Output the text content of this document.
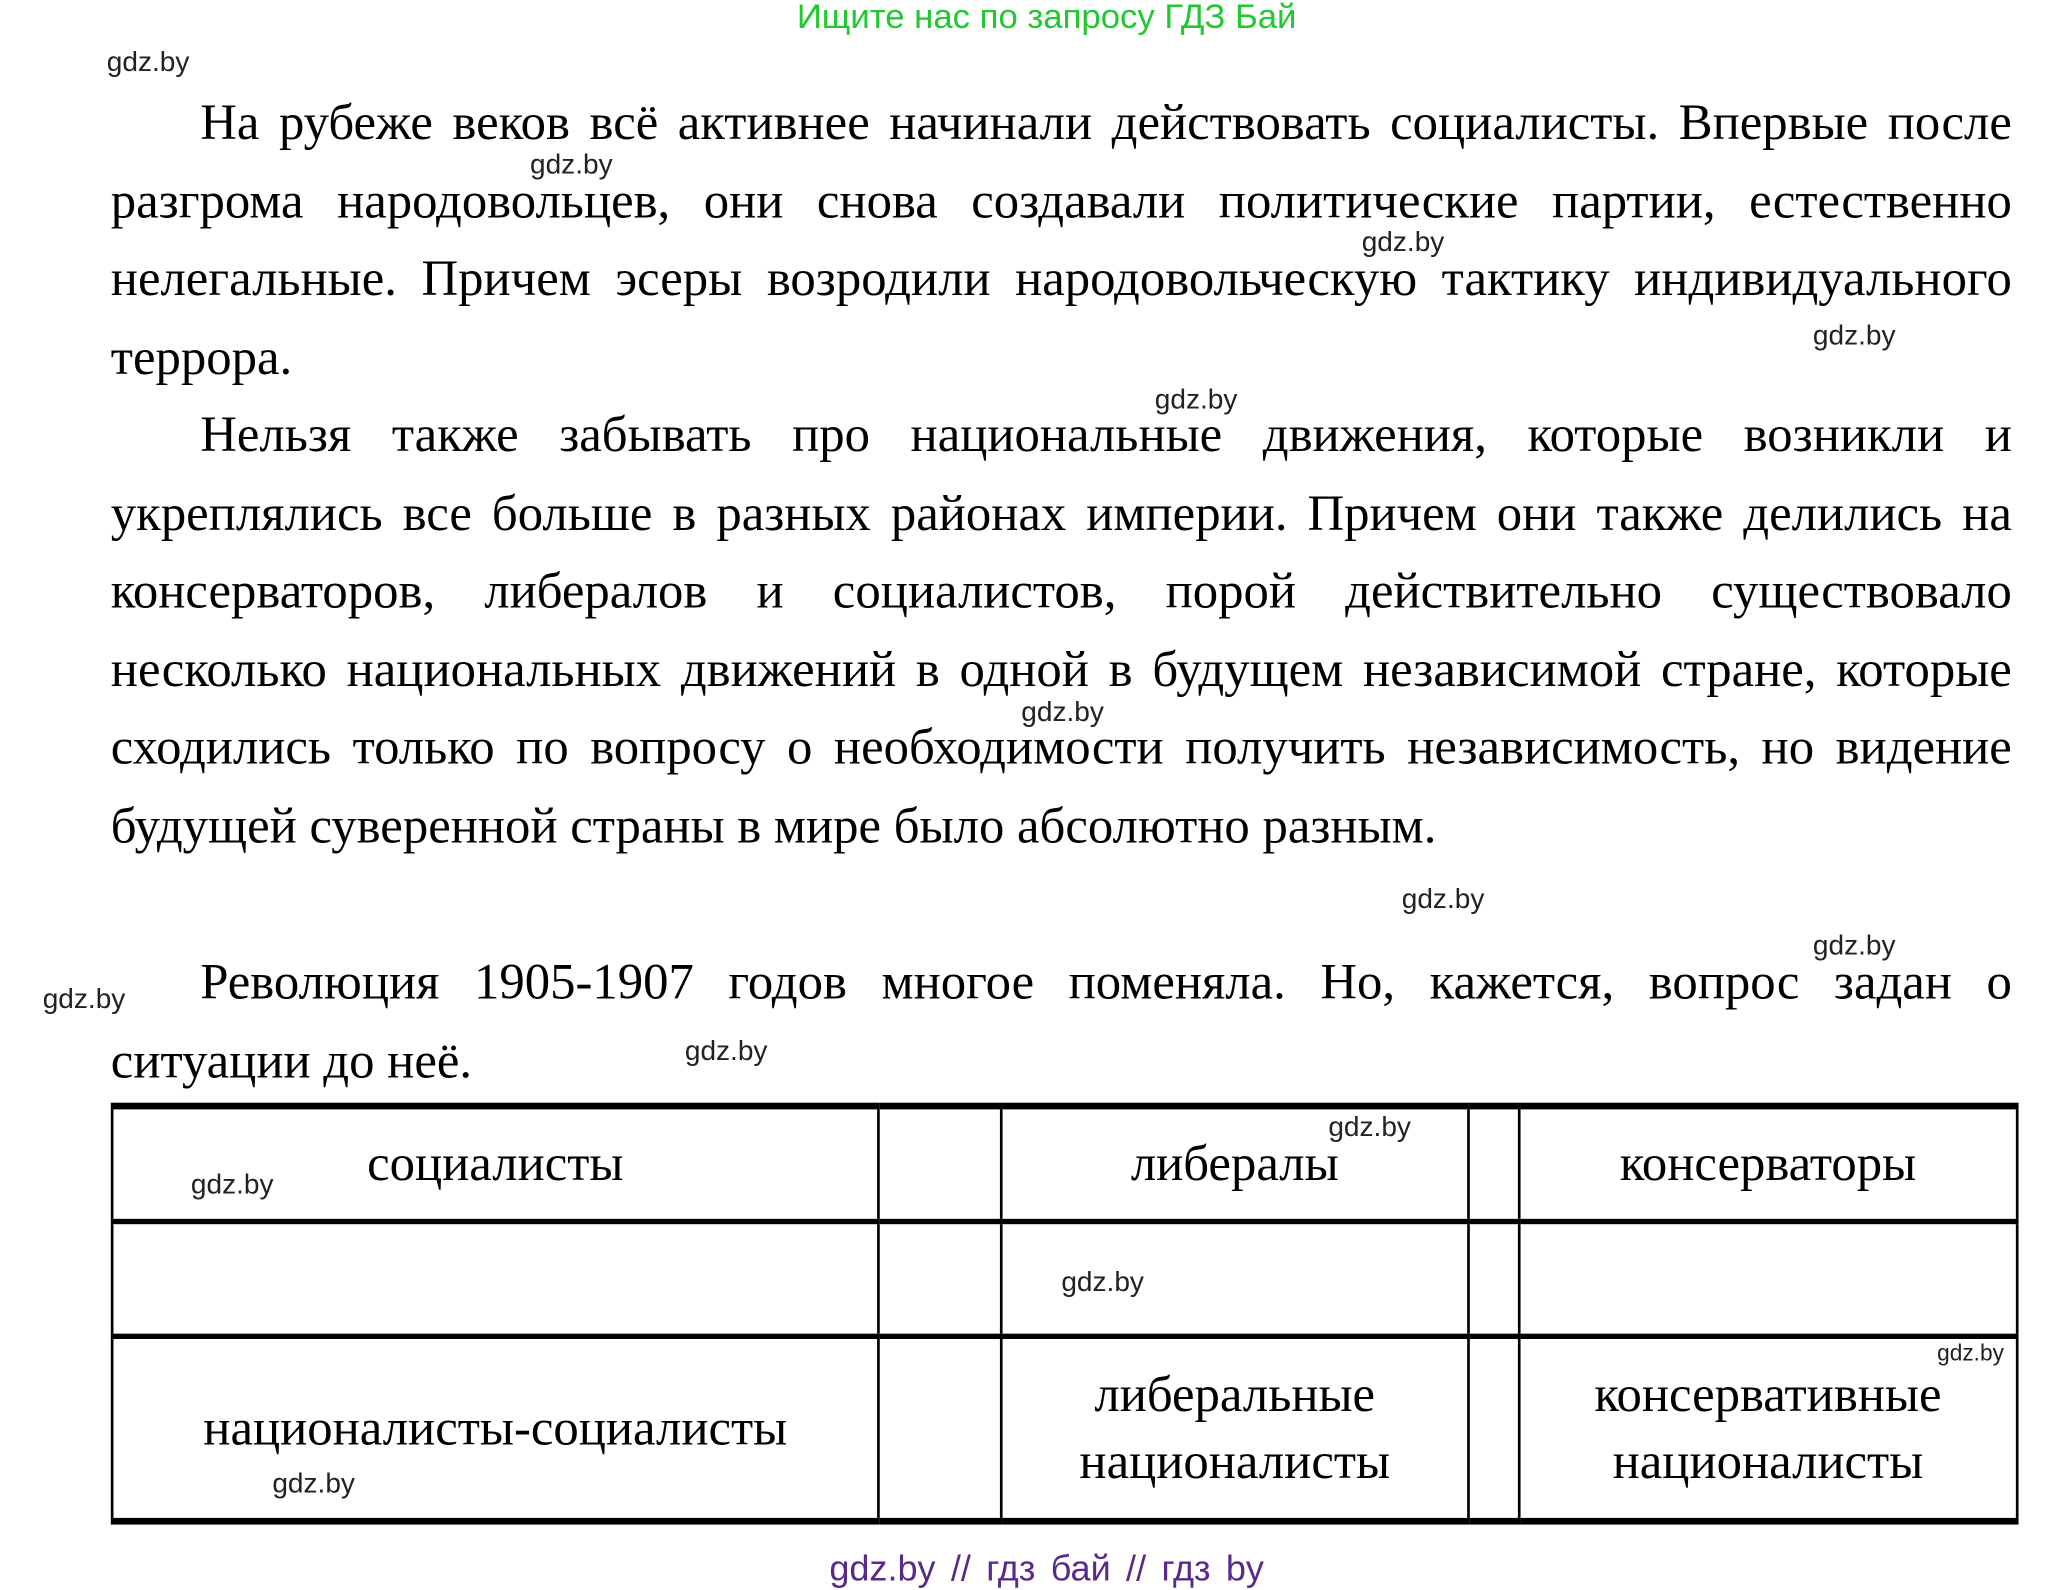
Ищите нас по запросу ГДЗ Бай
gdz.by
gdz.by
gdz.by
gdz.by
gdz.by
gdz.by
gdz.by
gdz.by
gdz.by
gdz.by

На рубеже веков всё активнее начинали действовать социалисты. Впервые после разгрома народовольцев, они снова создавали политические партии, естественно нелегальные. Причем эсеры возродили народовольческую тактику индивидуального террора.

Нельзя также забывать про национальные движения, которые возникли и укреплялись все больше в разных районах империи. Причем они также делились на консерваторов, либералов и социалистов, порой действительно существовало несколько национальных движений в одной в будущем независимой стране, которые сходились только по вопросу о необходимости получить независимость, но видение будущей суверенной страны в мире было абсолютно разным.

Революция 1905-1907 годов многое поменяла. Но, кажется, вопрос задан о ситуации до неё.

социалисты		либералы		консерваторы

националисты-социалисты		либеральные националисты		консервативные националисты
gdz.by
gdz.by
gdz.by
gdz.by
gdz.by
gdz.by // гдз бай // гдз by
